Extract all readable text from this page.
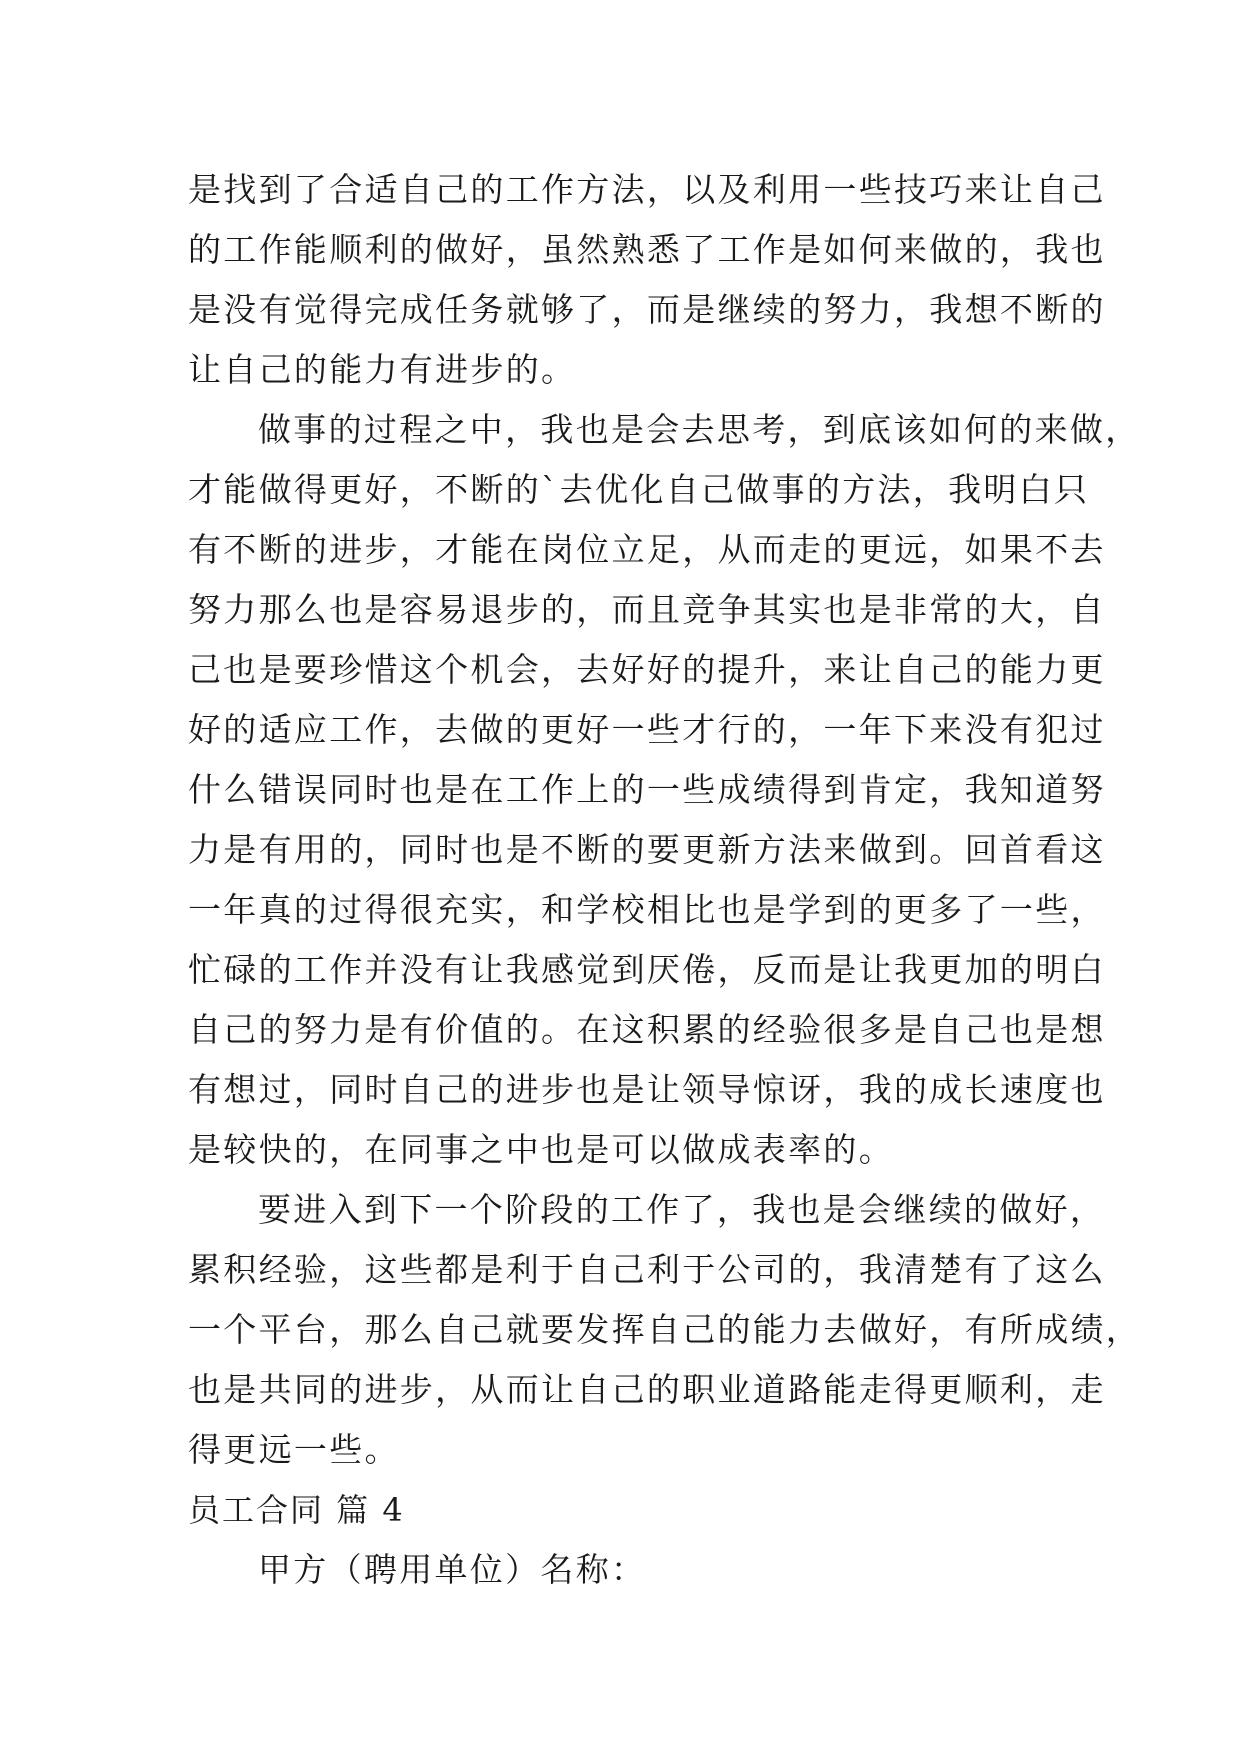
是找到了合适自己的工作方法，以及利用一些技巧来让自己
的工作能顺利的做好，虽然熟悉了工作是如何来做的，我也
是没有觉得完成任务就够了，而是继续的努力，我想不断的
让自己的能力有进步的。
做事的过程之中，我也是会去思考，到底该如何的来做，
才能做得更好，不断的`去优化自己做事的方法，我明白只
有不断的进步，才能在岗位立足，从而走的更远，如果不去
努力那么也是容易退步的，而且竞争其实也是非常的大，自
己也是要珍惜这个机会，去好好的提升，来让自己的能力更
好的适应工作，去做的更好一些才行的，一年下来没有犯过
什么错误同时也是在工作上的一些成绩得到肯定，我知道努
力是有用的，同时也是不断的要更新方法来做到。回首看这
一年真的过得很充实，和学校相比也是学到的更多了一些，
忙碌的工作并没有让我感觉到厌倦，反而是让我更加的明白
自己的努力是有价值的。在这积累的经验很多是自己也是想
有想过，同时自己的进步也是让领导惊讶，我的成长速度也
是较快的，在同事之中也是可以做成表率的。
要进入到下一个阶段的工作了，我也是会继续的做好，
累积经验，这些都是利于自己利于公司的，我清楚有了这么
一个平台，那么自己就要发挥自己的能力去做好，有所成绩，
也是共同的进步，从而让自己的职业道路能走得更顺利，走
得更远一些。
员工合同 篇 4
甲方（聘用单位）名称：
